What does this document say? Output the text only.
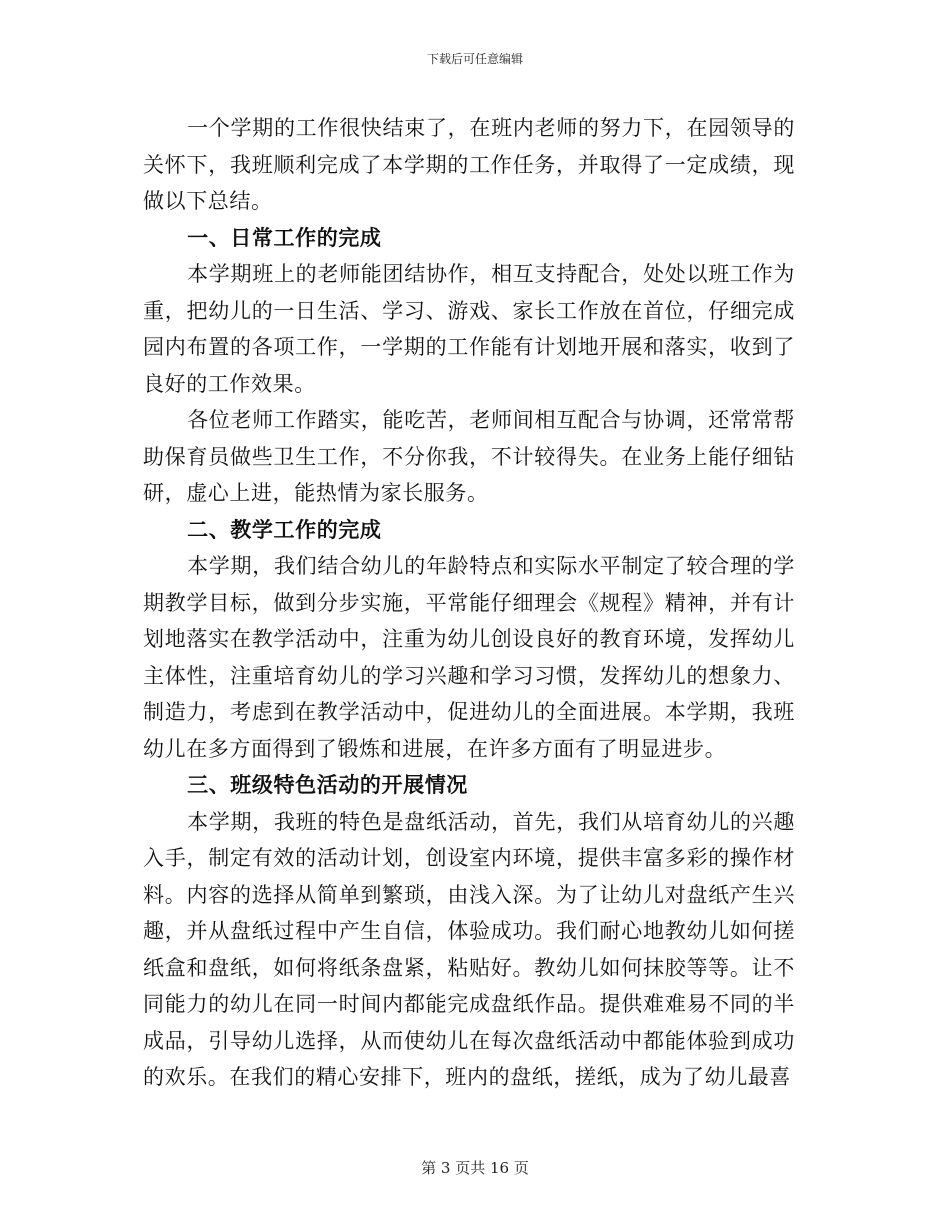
下载后可任意编辑

一个学期的工作很快结束了，在班内老师的努力下，在园领导的关怀下，我班顺利完成了本学期的工作任务，并取得了一定成绩，现做以下总结。

一、日常工作的完成

本学期班上的老师能团结协作，相互支持配合，处处以班工作为重，把幼儿的一日生活、学习、游戏、家长工作放在首位，仔细完成园内布置的各项工作，一学期的工作能有计划地开展和落实，收到了良好的工作效果。

各位老师工作踏实，能吃苦，老师间相互配合与协调，还常常帮助保育员做些卫生工作，不分你我，不计较得失。在业务上能仔细钻研，虚心上进，能热情为家长服务。

二、教学工作的完成

本学期，我们结合幼儿的年龄特点和实际水平制定了较合理的学期教学目标，做到分步实施，平常能仔细理会《规程》精神，并有计划地落实在教学活动中，注重为幼儿创设良好的教育环境，发挥幼儿主体性，注重培育幼儿的学习兴趣和学习习惯，发挥幼儿的想象力、制造力，考虑到在教学活动中，促进幼儿的全面进展。本学期，我班幼儿在多方面得到了锻炼和进展，在许多方面有了明显进步。

三、班级特色活动的开展情况

本学期，我班的特色是盘纸活动，首先，我们从培育幼儿的兴趣入手，制定有效的活动计划，创设室内环境，提供丰富多彩的操作材料。内容的选择从简单到繁琐，由浅入深。为了让幼儿对盘纸产生兴趣，并从盘纸过程中产生自信，体验成功。我们耐心地教幼儿如何搓纸盒和盘纸，如何将纸条盘紧，粘贴好。教幼儿如何抹胶等等。让不同能力的幼儿在同一时间内都能完成盘纸作品。提供难难易不同的半成品，引导幼儿选择，从而使幼儿在每次盘纸活动中都能体验到成功的欢乐。在我们的精心安排下，班内的盘纸，搓纸，成为了幼儿最喜

第 3 页共 16 页
